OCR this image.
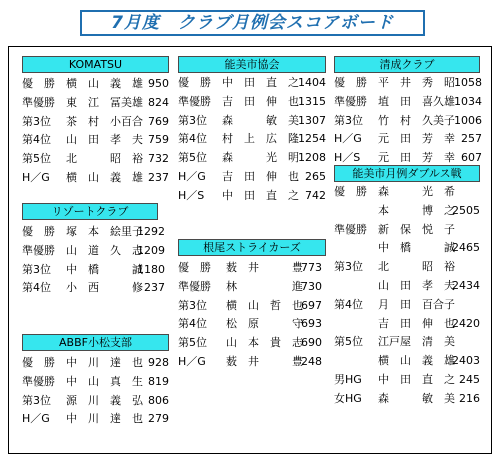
7月度　クラブ月例会スコアボード
KOMATSU
優　勝 横　山　義　雄 950
準優勝 東　江　冨美雄 824
第3位 茶　村　小百合 769
第4位 山　田　孝　夫 759
第5位 北　　　昭　裕 732
H／G 横　山　義　雄 237
リゾートクラブ
優　勝 塚　本　絵里子
1292
準優勝 山　道　久　志
1209
第3位 中　橋　　　誠
1180
第4位 小　西　　　修 237
ABBF小松支部
優　勝 中　川　達　也 928
準優勝 中　山　真　生 819
第3位 源　川　義　弘 806
H／G 中　川　達　也 279
能美市協会
優　勝 中　田　直　之 1404
準優勝 吉　田　伸　也 1315
第3位 森　　　敏　美 1307
第4位 村　上　広　隆 1254
第5位 森　　　光　明 1208
H／G 吉　田　伸　也 265
H／S 中　田　直　之 742
根尾ストライカーズ
優　勝 薮　井　　　豊
773
準優勝 林　　　　　進
730
第3位 横　山　哲　也
697
第4位 松　原　　　守
693
第5位 山　本　貴　志
690
H／G 薮　井　　　豊
248
清成クラブ
優　勝 平　井　秀　昭 1058
準優勝 埴　田　喜久雄 1034
第3位 竹　村　久美子 1006
H／G 元　田　芳　幸 257
H／S 元　田　芳　幸 607
能美市月例ダブルス戦
優　勝 森　　　光　希
本　　　博　之
2505
準優勝 新　保　悦　子
中　橋　　　誠
2465
第3位 北　　　昭　裕
山　田　孝　夫
2434
第4位 月　田　百合子
吉　田　伸　也
2420
第5位 江戸屋　清　美
横　山　義　雄
2403
男HG 中　田　直　之 245
女HG 森　　　敏　美 216
